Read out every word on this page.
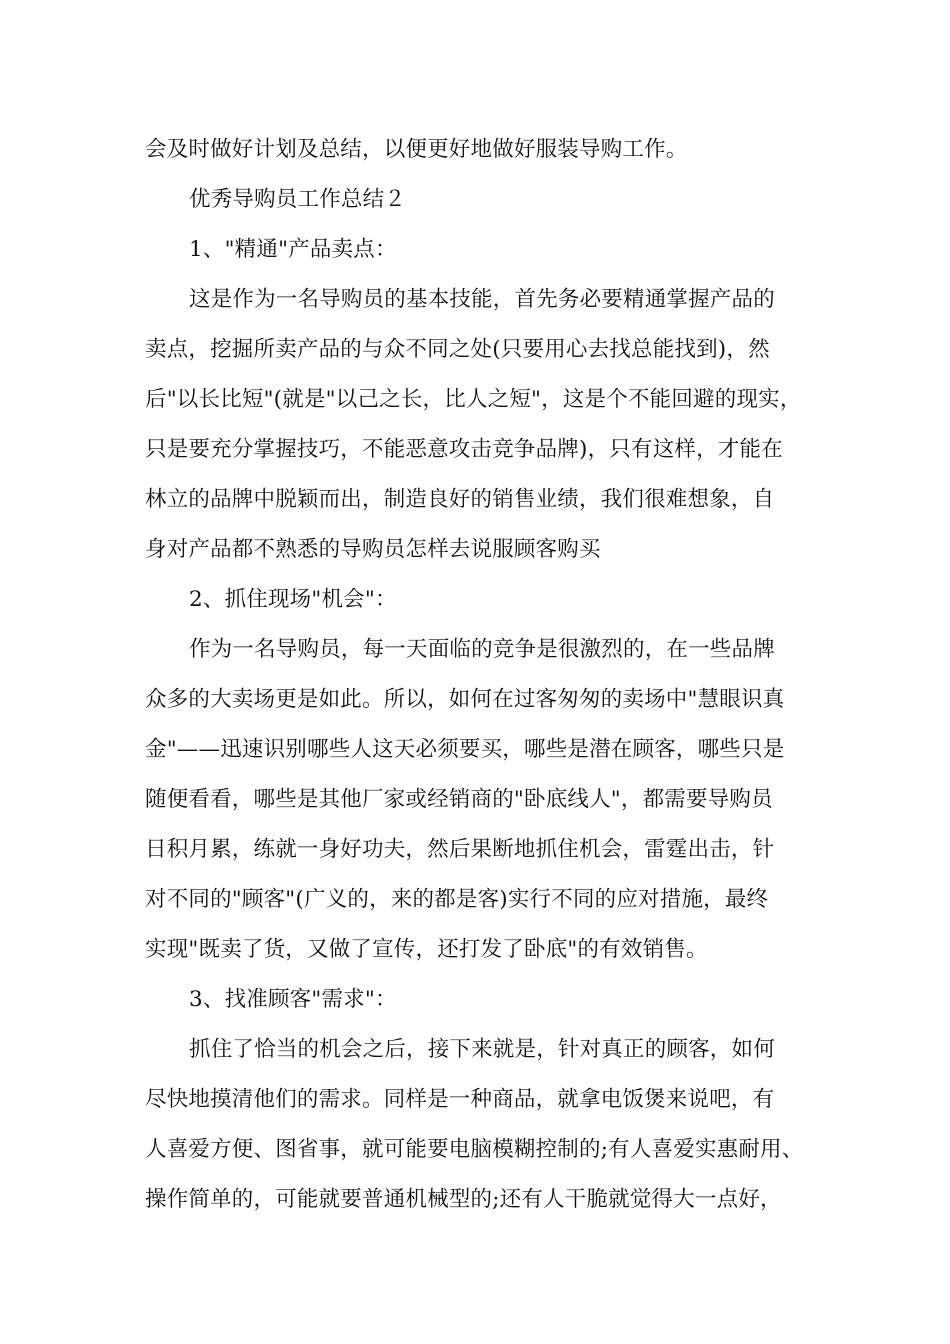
会及时做好计划及总结，以便更好地做好服装导购工作。
优秀导购员工作总结２
1、"精通"产品卖点：
这是作为一名导购员的基本技能，首先务必要精通掌握产品的
卖点，挖掘所卖产品的与众不同之处(只要用心去找总能找到)，然
后"以长比短"(就是"以己之长，比人之短"，这是个不能回避的现实，
只是要充分掌握技巧，不能恶意攻击竞争品牌)，只有这样，才能在
林立的品牌中脱颖而出，制造良好的销售业绩，我们很难想象，自
身对产品都不熟悉的导购员怎样去说服顾客购买
2、抓住现场"机会"：
作为一名导购员，每一天面临的竞争是很激烈的，在一些品牌
众多的大卖场更是如此。所以，如何在过客匆匆的卖场中"慧眼识真
金"——迅速识别哪些人这天必须要买，哪些是潜在顾客，哪些只是
随便看看，哪些是其他厂家或经销商的"卧底线人"，都需要导购员
日积月累，练就一身好功夫，然后果断地抓住机会，雷霆出击，针
对不同的"顾客"(广义的，来的都是客)实行不同的应对措施，最终
实现"既卖了货，又做了宣传，还打发了卧底"的有效销售。
3、找准顾客"需求"：
抓住了恰当的机会之后，接下来就是，针对真正的顾客，如何
尽快地摸清他们的需求。同样是一种商品，就拿电饭煲来说吧，有
人喜爱方便、图省事，就可能要电脑模糊控制的;有人喜爱实惠耐用、
操作简单的，可能就要普通机械型的;还有人干脆就觉得大一点好，
